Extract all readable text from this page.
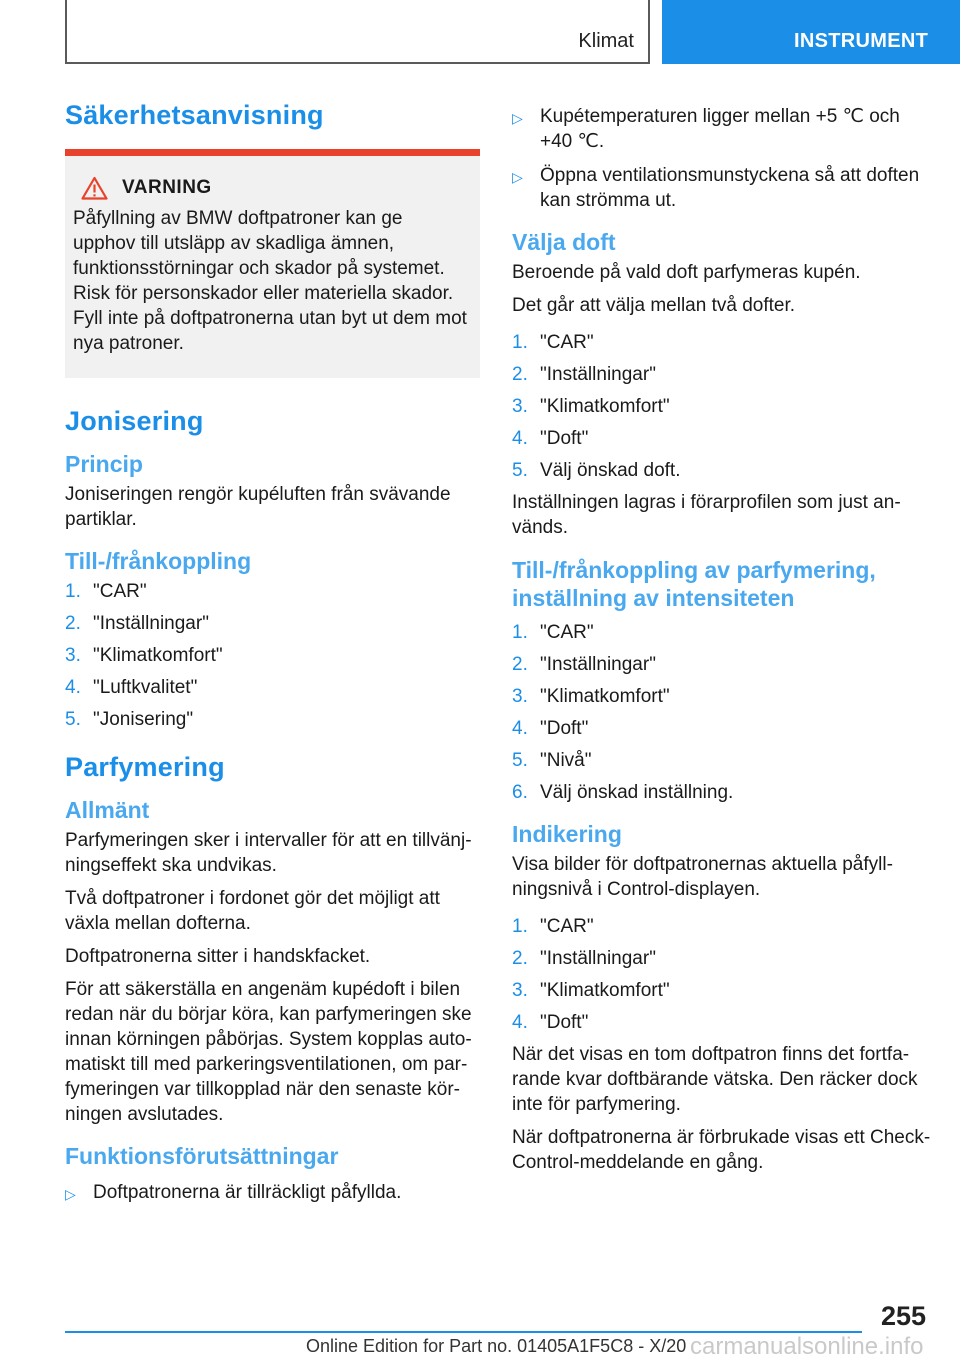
Klimat	INSTRUMENT
Säkerhetsanvisning
VARNING

Påfyllning av BMW doftpatroner kan ge upphov till utsläpp av skadliga ämnen, funktionsstörningar och skador på systemet. Risk för personskador eller materiella skador. Fyll inte på doftpatronerna utan byt ut dem mot nya patroner.

Jonisering
Princip

Joniseringen rengör kupéluften från svävande partiklar.

Till-/frånkoppling
1. "CAR"
2. "Inställningar"
3. "Klimatkomfort"
4. "Luftkvalitet"
5. "Jonisering"
Parfymering
Allmänt

Parfymeringen sker i intervaller för att en tillvänjningseffekt ska undvikas.

Två doftpatroner i fordonet gör det möjligt att växla mellan dofterna.

Doftpatronerna sitter i handskfacket.

För att säkerställa en angenäm kupédoft i bilen redan när du börjar köra, kan parfymeringen ske innan körningen påbörjas. System kopplas automatiskt till med parkeringsventilationen, om parfymeringen var tillkopplad när den senaste körningen avslutades.

Funktionsförutsättningar
▷ Doftpatronerna är tillräckligt påfyllda.
▷ Kupétemperaturen ligger mellan +5 ℃ och +40 ℃.
▷ Öppna ventilationsmunstyckena så att doften kan strömma ut.
Välja doft

Beroende på vald doft parfymeras kupén.

Det går att välja mellan två dofter.

1. "CAR"
2. "Inställningar"
3. "Klimatkomfort"
4. "Doft"
5. Välj önskad doft.

Inställningen lagras i förarprofilen som just används.

Till-/frånkoppling av parfymering, inställning av intensiteten
1. "CAR"
2. "Inställningar"
3. "Klimatkomfort"
4. "Doft"
5. "Nivå"
6. Välj önskad inställning.
Indikering

Visa bilder för doftpatronernas aktuella påfyllningsnivå i Control-displayen.

1. "CAR"
2. "Inställningar"
3. "Klimatkomfort"
4. "Doft"

När det visas en tom doftpatron finns det fortfarande kvar doftbärande vätska. Den räcker dock inte för parfymering.

När doftpatronerna är förbrukade visas ett Check-Control-meddelande en gång.

255
Online Edition for Part no. 01405A1F5C8 - X/20 carmanualsonline.info
